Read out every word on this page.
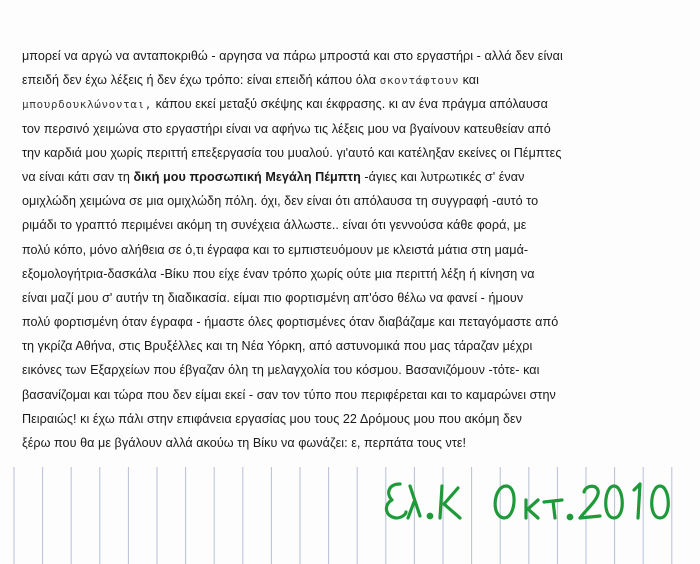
μπορεί να αργώ να ανταποκριθώ - αργησα να πάρω μπροστά και στο εργαστήρι - αλλά δεν είναι
επειδή δεν έχω λέξεις ή δεν έχω τρόπο: είναι επειδή κάπου όλα σκοντάφτουν και
μπουρδουκλώνονται, κάπου εκεί μεταξύ σκέψης και έκφρασης. κι αν ένα πράγμα απόλαυσα
τον περσινό χειμώνα στο εργαστήρι είναι να αφήνω τις λέξεις μου να βγαίνουν κατευθείαν από
την καρδιά μου χωρίς περιττή επεξεργασία του μυαλού. γι'αυτό και κατέληξαν εκείνες οι Πέμπτες
να είναι κάτι σαν τη δική μου προσωπική Μεγάλη Πέμπτη -άγιες και λυτρωτικές σ' έναν
ομιχλώδη χειμώνα σε μια ομιχλώδη πόλη. όχι, δεν είναι ότι απόλαυσα τη συγγραφή -αυτό το
ριμάδι το γραπτό περιμένει ακόμη τη συνέχεια άλλωστε.. είναι ότι γεννούσα κάθε φορά, με
πολύ κόπο, μόνο αλήθεια σε ό,τι έγραφα και το εμπιστευόμουν με κλειστά μάτια στη μαμά-
εξομολογήτρια-δασκάλα -Βίκυ που είχε έναν τρόπο χωρίς ούτε μια περιττή λέξη ή κίνηση να
είναι μαζί μου σ' αυτήν τη διαδικασία. είμαι πιο φορτισμένη απ'όσο θέλω να φανεί - ήμουν
πολύ φορτισμένη όταν έγραφα - ήμαστε όλες φορτισμένες όταν διαβάζαμε και πεταγόμαστε από
τη γκρίζα Αθήνα, στις Βρυξέλλες και τη Νέα Υόρκη, από αστυνομικά που μας τάραζαν μέχρι
εικόνες των Εξαρχείων που έβγαζαν όλη τη μελαγχολία του κόσμου. Βασανιζόμουν -τότε- και
βασανίζομαι και τώρα που δεν είμαι εκεί - σαν τον τύπο που περιφέρεται και το καμαρώνει στην
Πειραιώς! κι έχω πάλι στην επιφάνεια εργασίας μου τους 22 Δρόμους μου που ακόμη δεν
ξέρω που θα με βγάλουν αλλά ακούω τη Βίκυ να φωνάζει: ε, περπάτα τους ντε!
